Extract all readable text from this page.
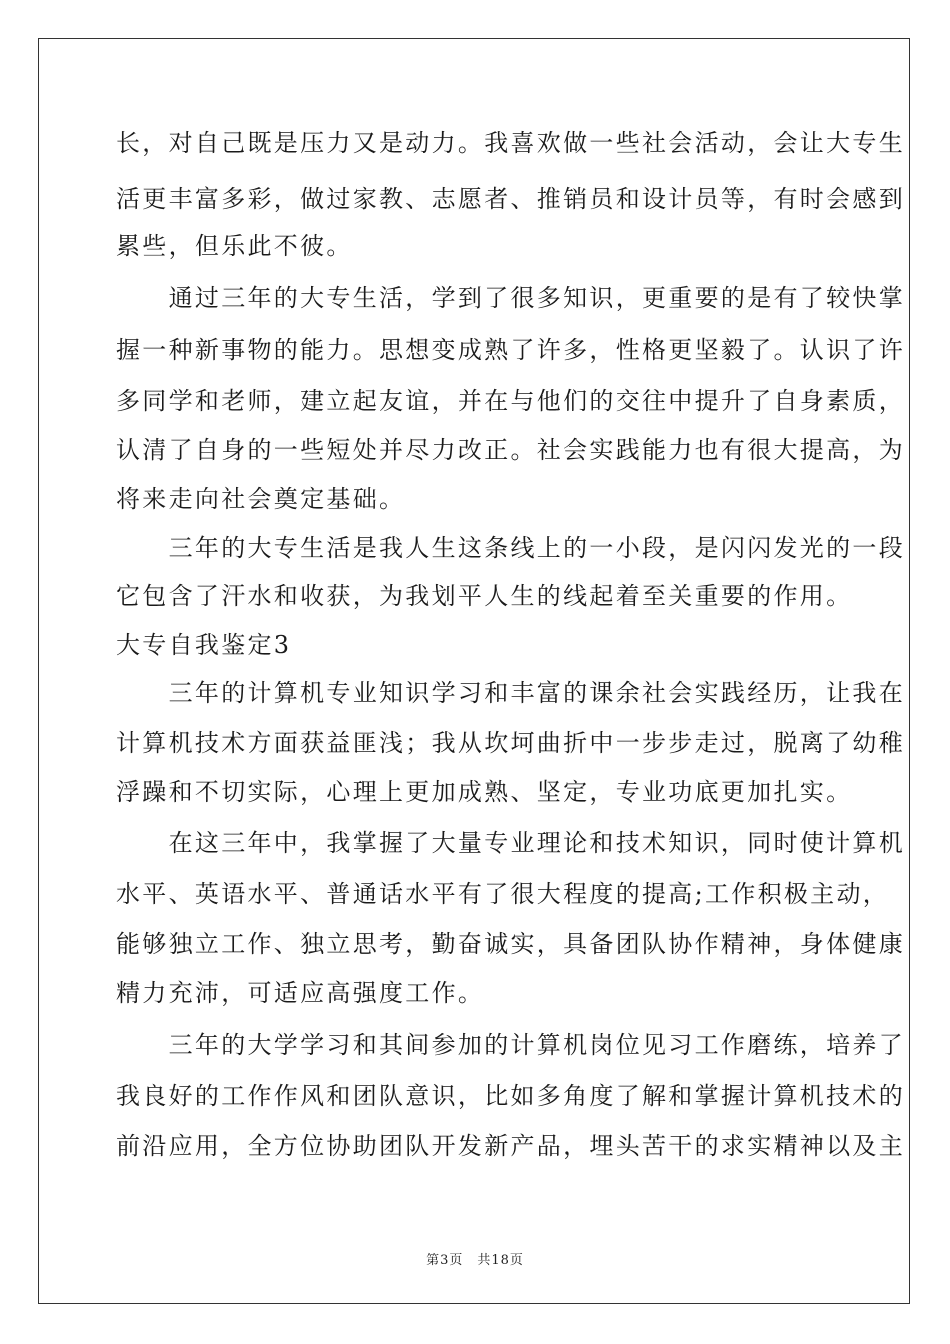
长，对自己既是压力又是动力。我喜欢做一些社会活动，会让大专生
活更丰富多彩，做过家教、志愿者、推销员和设计员等，有时会感到
累些，但乐此不彼。
　　通过三年的大专生活，学到了很多知识，更重要的是有了较快掌
握一种新事物的能力。思想变成熟了许多，性格更坚毅了。认识了许
多同学和老师，建立起友谊，并在与他们的交往中提升了自身素质，
认清了自身的一些短处并尽力改正。社会实践能力也有很大提高，为
将来走向社会奠定基础。
　　三年的大专生活是我人生这条线上的一小段，是闪闪发光的一段
它包含了汗水和收获，为我划平人生的线起着至关重要的作用。
大专自我鉴定3
　　三年的计算机专业知识学习和丰富的课余社会实践经历，让我在
计算机技术方面获益匪浅；我从坎坷曲折中一步步走过，脱离了幼稚
浮躁和不切实际，心理上更加成熟、坚定，专业功底更加扎实。
　　在这三年中，我掌握了大量专业理论和技术知识，同时使计算机
水平、英语水平、普通话水平有了很大程度的提高;工作积极主动，
能够独立工作、独立思考，勤奋诚实，具备团队协作精神，身体健康
精力充沛，可适应高强度工作。
　　三年的大学学习和其间参加的计算机岗位见习工作磨练，培养了
我良好的工作作风和团队意识，比如多角度了解和掌握计算机技术的
前沿应用，全方位协助团队开发新产品，埋头苦干的求实精神以及主
第3页　共18页
